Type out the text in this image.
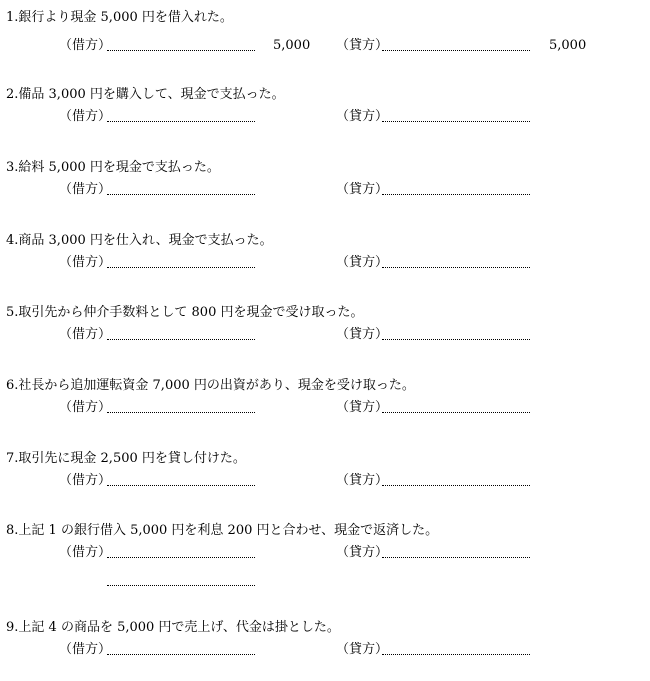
1.銀行より現金 5,000 円を借入れた。
（借方）	5,000 （貸方）	5,000
2.備品 3,000 円を購入して、現金で支払った。
（借方）	（貸方）
3.給料 5,000 円を現金で支払った。
（借方）	（貸方）
4.商品 3,000 円を仕入れ、現金で支払った。
（借方）	（貸方）
5.取引先から仲介手数料として 800 円を現金で受け取った。
（借方）	（貸方）
6.社長から追加運転資金 7,000 円の出資があり、現金を受け取った。
（借方）	（貸方）
7.取引先に現金 2,500 円を貸し付けた。
（借方）	（貸方）
8.上記 1 の銀行借入 5,000 円を利息 200 円と合わせ、現金で返済した。
（借方）	（貸方）
9.上記 4 の商品を 5,000 円で売上げ、代金は掛とした。
（借方）	（貸方）
